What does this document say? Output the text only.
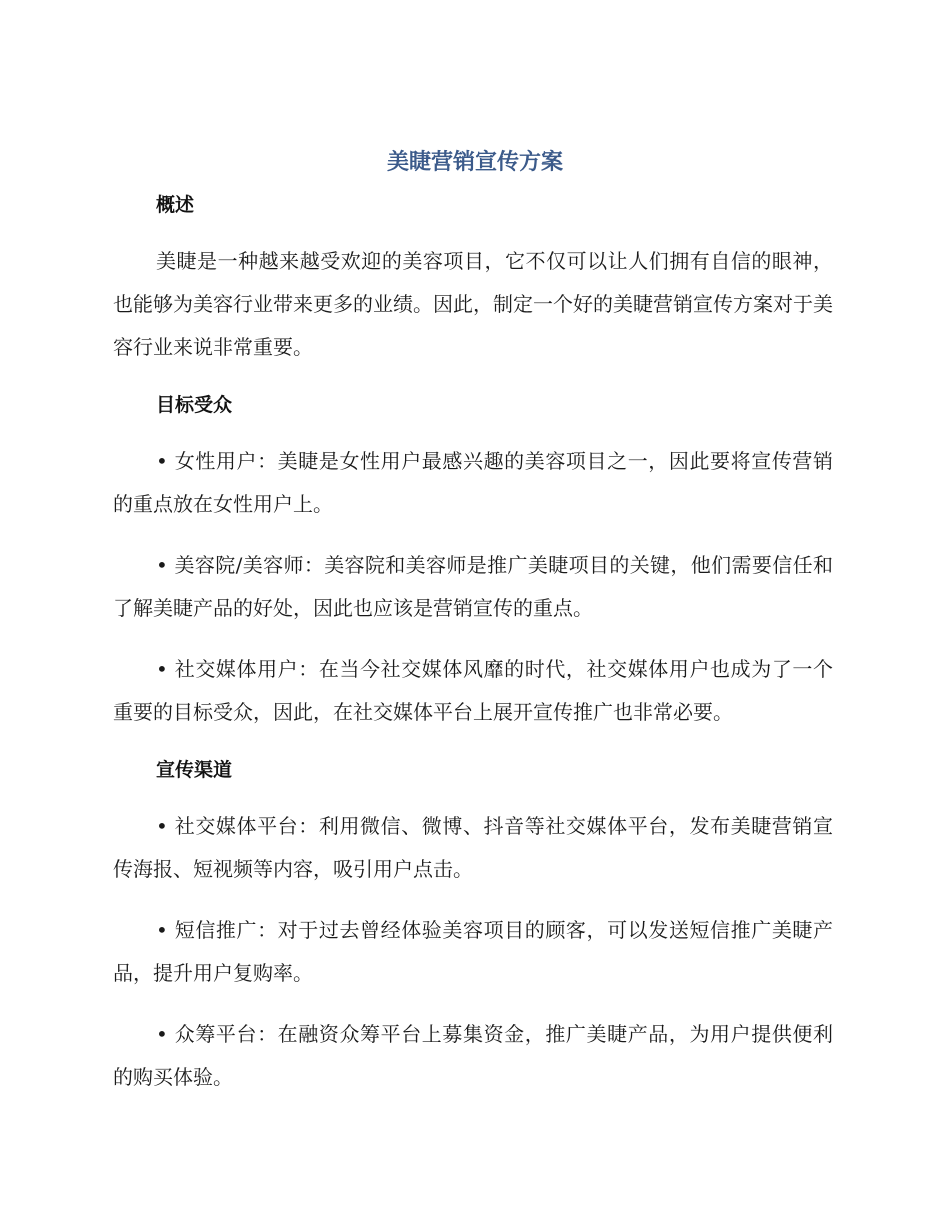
美睫营销宣传方案
概述

美睫是一种越来越受欢迎的美容项目，它不仅可以让人们拥有自信的眼神，也能够为美容行业带来更多的业绩。因此，制定一个好的美睫营销宣传方案对于美容行业来说非常重要。

目标受众

• 女性用户：美睫是女性用户最感兴趣的美容项目之一，因此要将宣传营销的重点放在女性用户上。

• 美容院/美容师：美容院和美容师是推广美睫项目的关键，他们需要信任和了解美睫产品的好处，因此也应该是营销宣传的重点。

• 社交媒体用户：在当今社交媒体风靡的时代，社交媒体用户也成为了一个重要的目标受众，因此，在社交媒体平台上展开宣传推广也非常必要。

宣传渠道

• 社交媒体平台：利用微信、微博、抖音等社交媒体平台，发布美睫营销宣传海报、短视频等内容，吸引用户点击。

• 短信推广：对于过去曾经体验美容项目的顾客，可以发送短信推广美睫产品，提升用户复购率。

• 众筹平台：在融资众筹平台上募集资金，推广美睫产品，为用户提供便利的购买体验。
